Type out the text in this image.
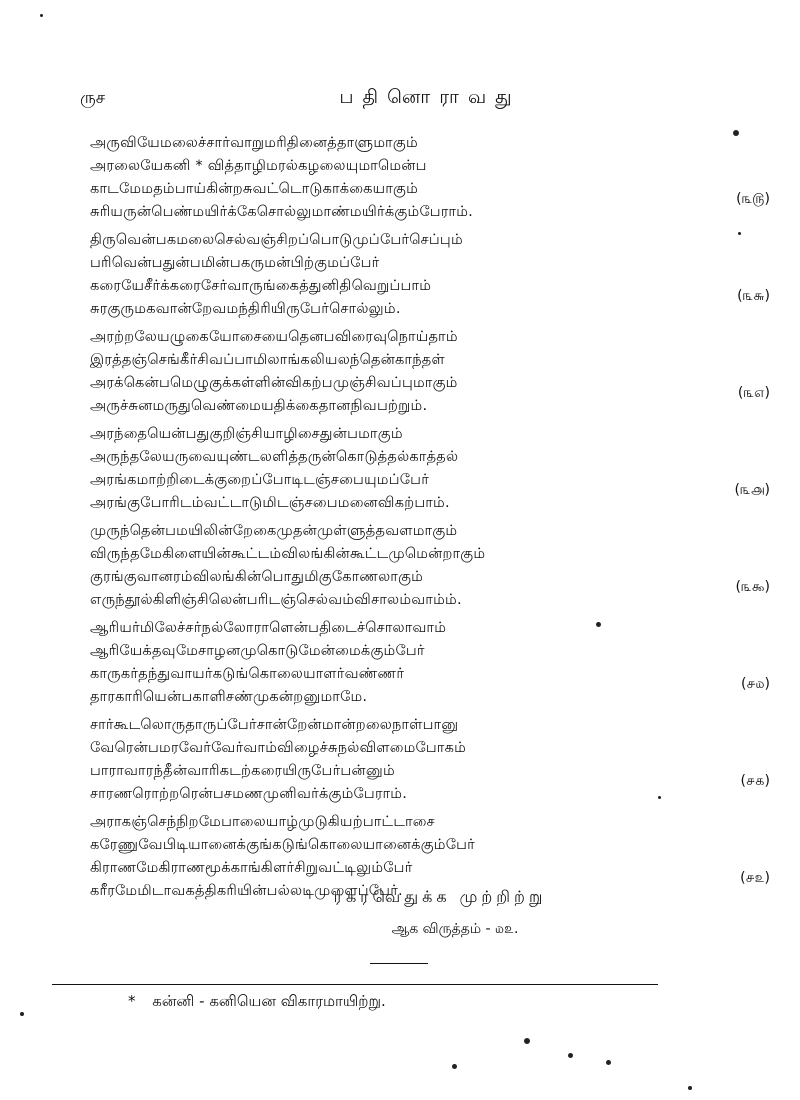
ருச	பதினொராவது
அருவியேமலைச்சார்வாறுமரிதினைத்தாளுமாகும்
அரலையேகனி * வித்தாழிமரல்கழலையுமாமென்ப
காடமேமதம்பாய்கின்றசுவட்டொடுகாக்கையாகும்
சுரியருன்பெண்மயிர்க்கேசொல்லுமாண்மயிர்க்கும்பேராம்.
(௩௫)
திருவென்பகமலைசெல்வஞ்சிறப்பொடுமுப்பேர்செப்பும்
பரிவென்பதுன்பமின்பகருமன்பிற்குமப்பேர்
கரையேசீர்க்கரைசேர்வாருங்கைத்துனிதிவெறுப்பாம்
சுரகுருமகவான்றேவமந்திரியிருபேர்சொல்லும்.
(௩௬)
அரற்றலேயழுகையோசையைதெனபவிரைவுநொய்தாம்
இரத்தஞ்செங்கீர்சிவப்பாமிலாங்கலியலந்தென்காந்தள்
அரக்கென்பமெழுகுக்கள்ளின்விகற்பமுஞ்சிவப்புமாகும்
அருச்சுனமருதுவெண்மையதிக்கைதானநிவபற்றும்.
(௩௭)
அரந்தையென்பதுகுறிஞ்சியாழிசைதுன்பமாகும்
அருந்தலேயருவையுண்டலளித்தருன்கொடுத்தல்காத்தல்
அரங்கமாற்றிடைக்குறைப்போடிடஞ்சபையுமப்பேர்
அரங்குபோரிடம்வட்டாடுமிடஞ்சபைமனைவிகற்பாம்.
(௩௮)
முருந்தென்பமயிலின்றேகைமுதன்முள்ளுத்தவளமாகும்
விருந்தமேகிளையின்கூட்டம்விலங்கின்கூட்டமுமென்றாகும்
குரங்குவானரம்விலங்கின்பொதுமிகுகோணலாகும்
எருந்தூல்கிளிஞ்சிலென்பரிடஞ்செல்வம்விசாலம்வாம்ம்.
(௩௯)
ஆரியர்மிலேச்சர்நல்லோராளென்பதிடைச்சொலாவாம்
ஆரியேக்தவுமேசாழனமுகொடுமேன்மைக்கும்பேர்
காருகர்தந்துவாயர்கடுங்கொலையாளர்வண்ணர்
தாரகாரியென்பகாளிசண்முகன்றனுமாமே.
(௪௰)
சார்கூடலொருதாருப்பேர்சான்றேன்மான்றலைநாள்பானு
வேரென்பமரவேர்வேர்வாம்விழைச்சுநல்விளமைபோகம்
பாராவாரந்தீன்வாரிகடற்கரையிருபேர்பன்னும்
சாரணரொற்றரென்பசமணமுனிவர்க்கும்பேராம்.
(௪௧)
அராகஞ்செந்நிறமேபாலையாழ்முடுகியற்பாட்டாசை
கரேணுவேபிடியானைக்குங்கடுங்கொலையானைக்கும்பேர்
கிராணமேகிராணமூக்காங்கிளர்சிறுவட்டிலும்பேர்
கரீரமேமிடாவகத்திகரியின்பல்லடிமுளைப்பேர்.
(௪௨)
ரகரவெதுக்க முற்றிற்று
ஆக விருத்தம் - ௰௨.
* கன்னி - கனியென விகாரமாயிற்று.
